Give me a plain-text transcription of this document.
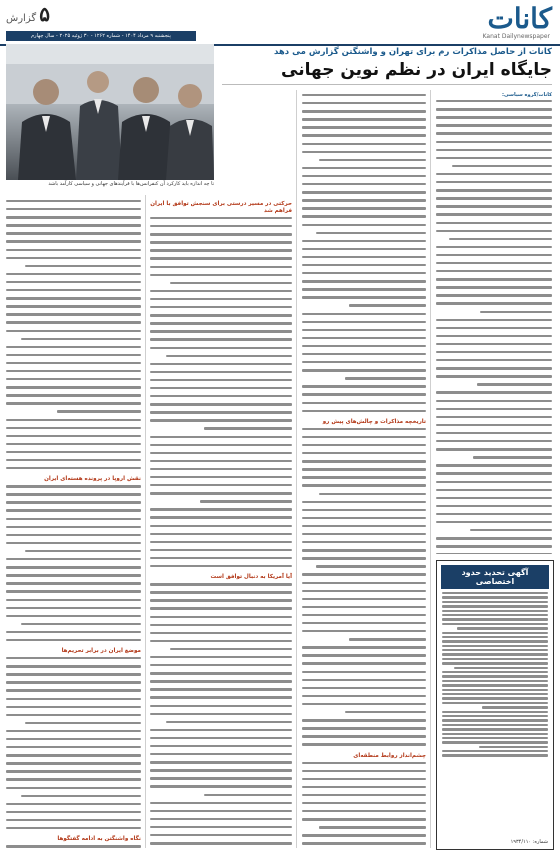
کانات
Kanat Dailynewspaper
۵ گزارش
پنجشنبه ۹ مرداد ۱۴۰۴ - شماره ۱۲۶۲ - ۳۰ ژوئیه ۲۰۲۵ - سال چهارم
کانات از حاصل مذاکرات رم برای تهران و واشنگتن گزارش می دهد
جایگاه ایران در نظم نوین جهانی
تا چه اندازه باید کارکرد آن کنفرانس‌ها با فرآیندهای جهانی و سیاسی کارآمد باشد
کانات/گروه سیاسی:
تاریخچه مذاکرات و چالش‌های پیش رو
چشم‌انداز روابط منطقه‌ای
حرکتی در مسیر درستی برای سنجش توافق با ایران فراهم شد
آیا آمریکا به دنبال توافق است
نقش اروپا در پرونده هسته‌ای ایران
موضع ایران در برابر تحریم‌ها
نگاه واشنگتن به ادامه گفتگوها
آگهی تحدید حدود اختصاصی
شماره: ۱۹۳۴/۱۱۰
